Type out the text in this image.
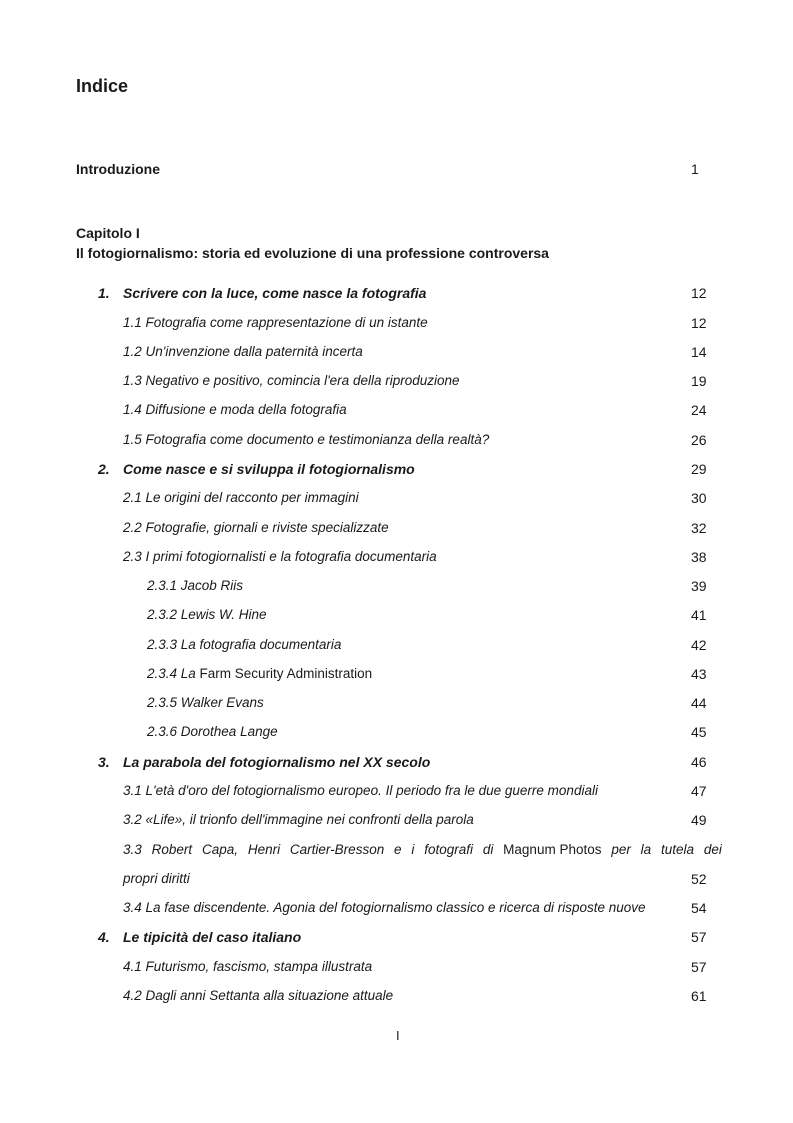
Indice
Introduzione	1
Capitolo I
Il fotogiornalismo: storia ed evoluzione di una professione controversa
1. Scrivere con la luce, come nasce la fotografia	12
1.1 Fotografia come rappresentazione di un istante	12
1.2 Un'invenzione dalla paternità incerta	14
1.3 Negativo e positivo, comincia l'era della riproduzione	19
1.4 Diffusione e moda della fotografia	24
1.5 Fotografia come documento e testimonianza della realtà?	26
2. Come nasce e si sviluppa il fotogiornalismo	29
2.1 Le origini del racconto per immagini	30
2.2 Fotografie, giornali e riviste specializzate	32
2.3 I primi fotogiornalisti e la fotografia documentaria	38
2.3.1 Jacob Riis	39
2.3.2 Lewis W. Hine	41
2.3.3 La fotografia documentaria	42
2.3.4 La Farm Security Administration	43
2.3.5 Walker Evans	44
2.3.6 Dorothea Lange	45
3. La parabola del fotogiornalismo nel XX secolo	46
3.1 L'età d'oro del fotogiornalismo europeo. Il periodo fra le due guerre mondiali	47
3.2 «Life», il trionfo dell'immagine nei confronti della parola	49
3.3 Robert Capa, Henri Cartier-Bresson e i fotografi di Magnum Photos per la tutela dei
propri diritti	52
3.4 La fase discendente. Agonia del fotogiornalismo classico e ricerca di risposte nuove	54
4. Le tipicità del caso italiano	57
4.1 Futurismo, fascismo, stampa illustrata	57
4.2 Dagli anni Settanta alla situazione attuale	61
I
